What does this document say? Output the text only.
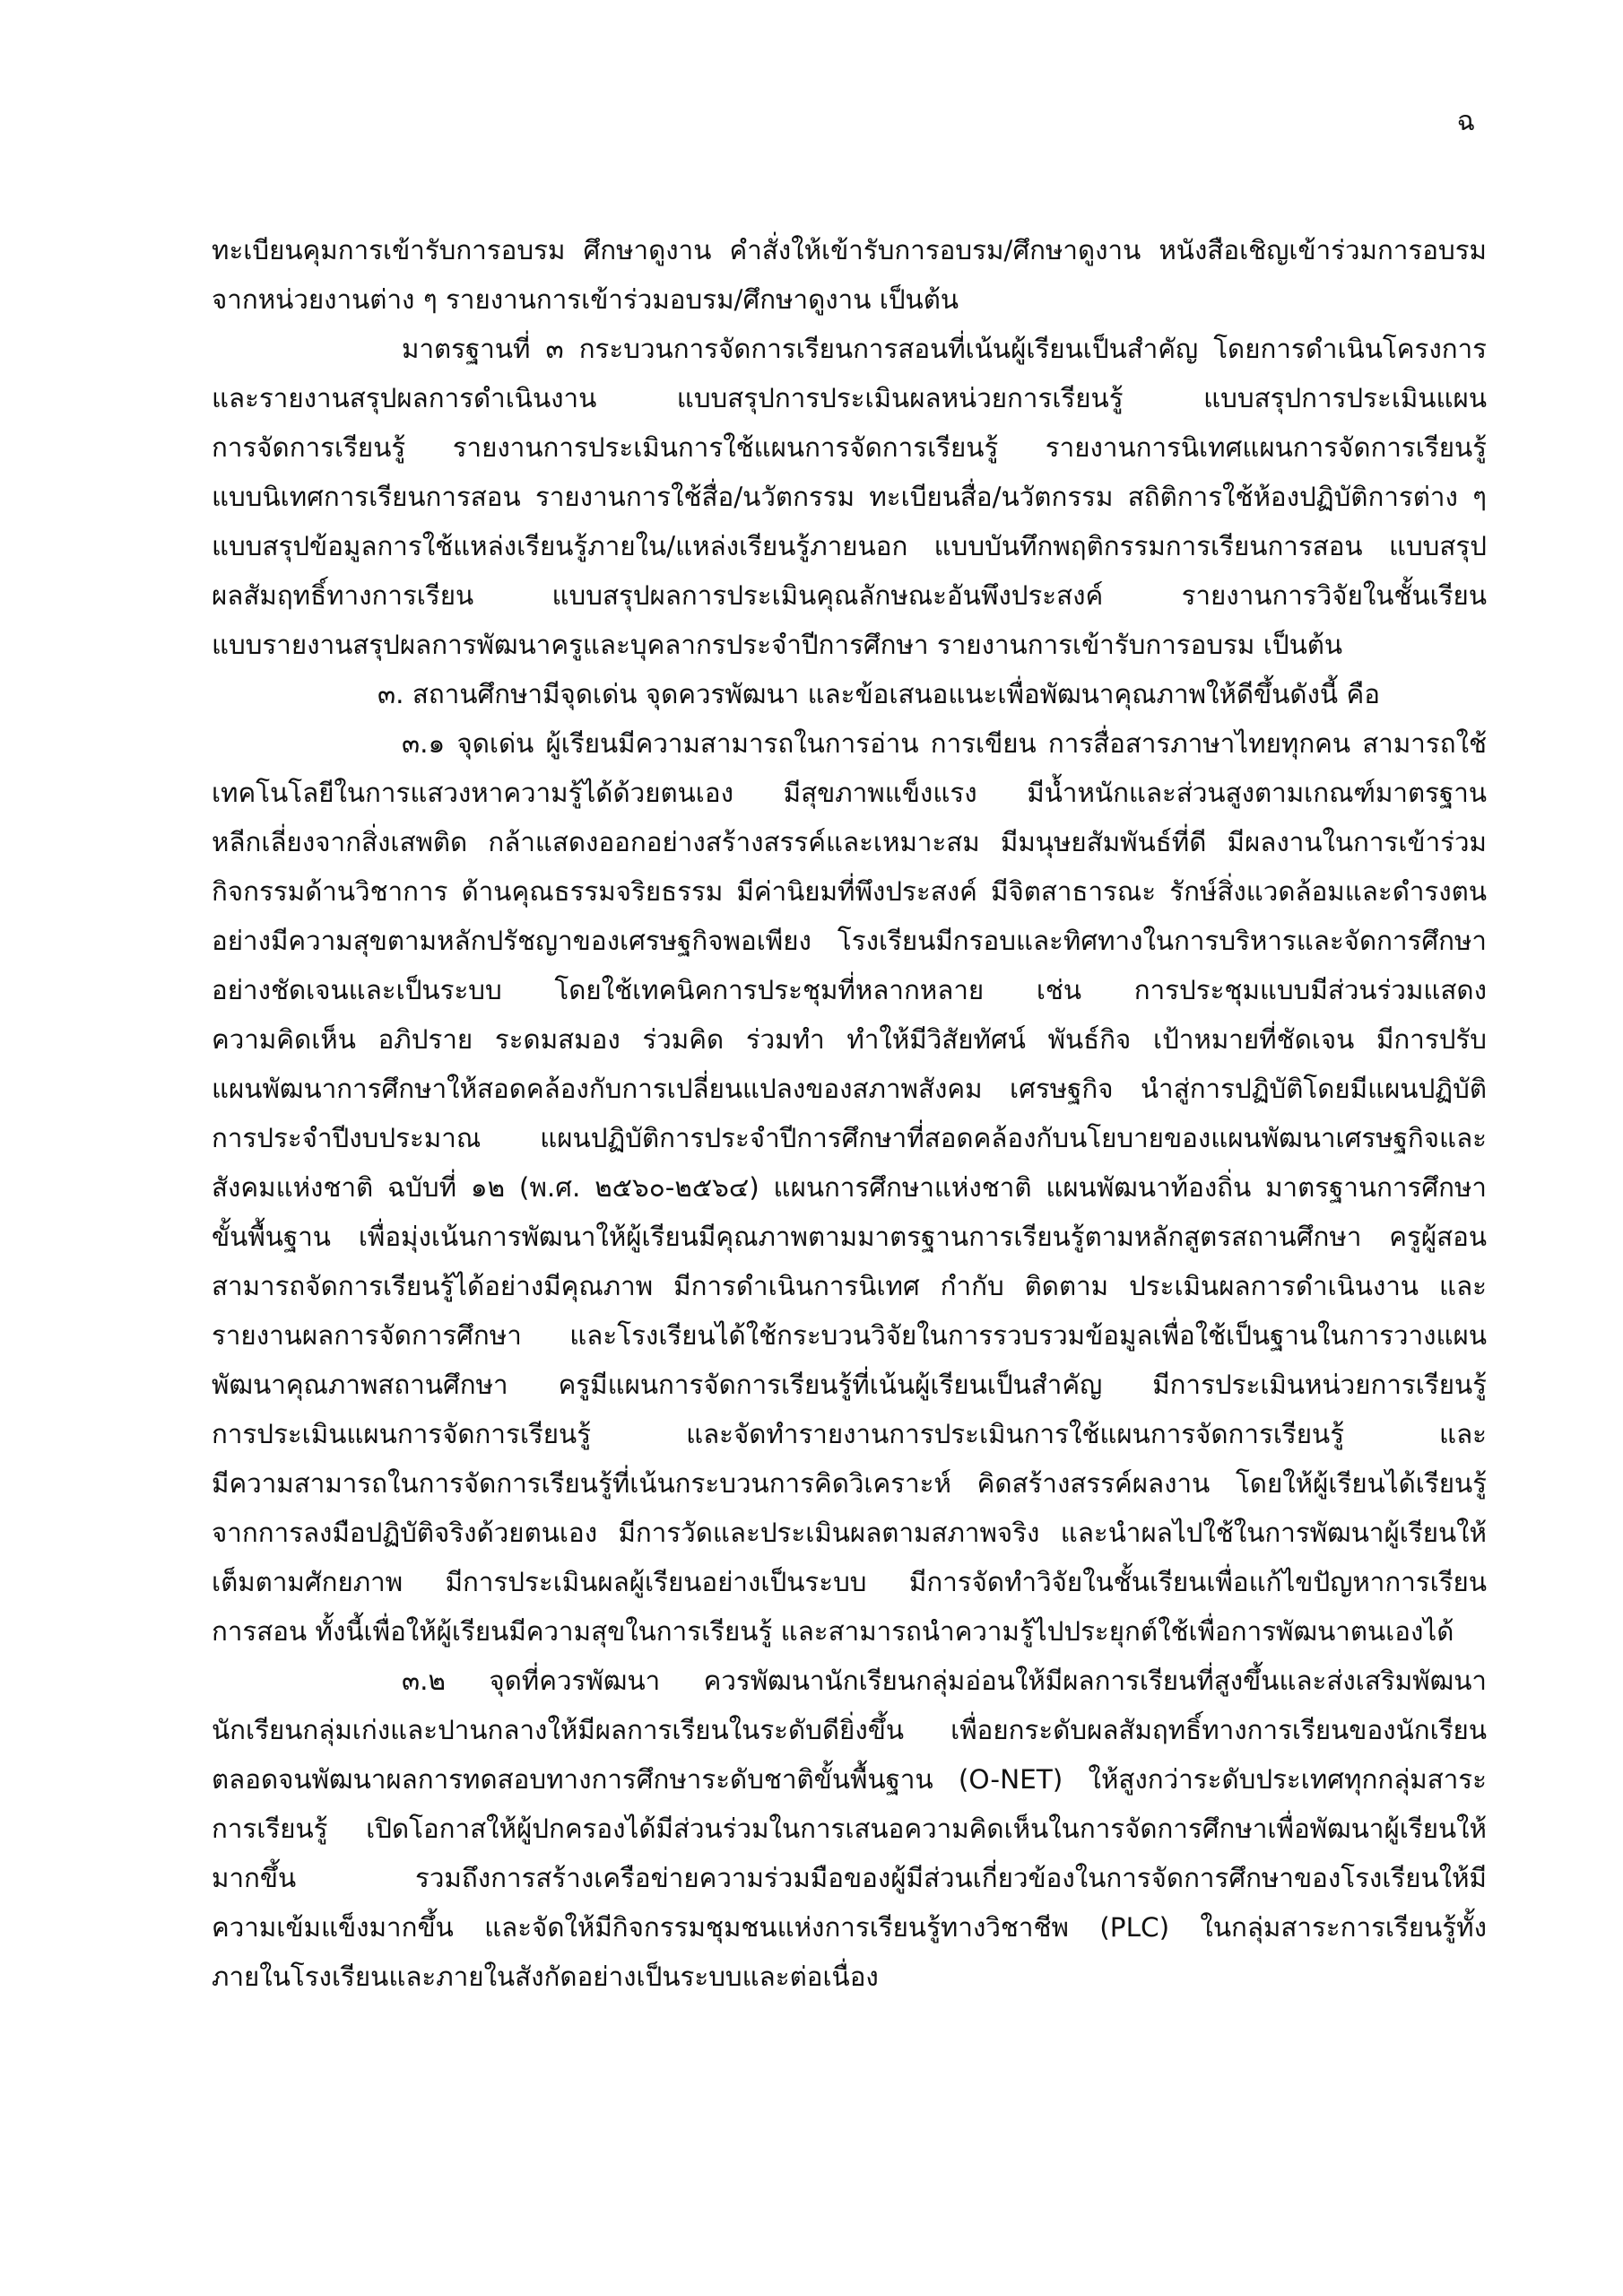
ฉ
ทะเบียนคุมการเข้ารับการอบรม ศึกษาดูงาน คำสั่งให้เข้ารับการอบรม/ศึกษาดูงาน หนังสือเชิญเข้าร่วมการอบรม
จากหน่วยงานต่าง ๆ รายงานการเข้าร่วมอบรม/ศึกษาดูงาน เป็นต้น
มาตรฐานที่ ๓ กระบวนการจัดการเรียนการสอนที่เน้นผู้เรียนเป็นสำคัญ โดยการดำเนินโครงการ
และรายงานสรุปผลการดำเนินงาน แบบสรุปการประเมินผลหน่วยการเรียนรู้ แบบสรุปการประเมินแผน
การจัดการเรียนรู้ รายงานการประเมินการใช้แผนการจัดการเรียนรู้ รายงานการนิเทศแผนการจัดการเรียนรู้
แบบนิเทศการเรียนการสอน รายงานการใช้สื่อ/นวัตกรรม ทะเบียนสื่อ/นวัตกรรม สถิติการใช้ห้องปฏิบัติการต่าง ๆ
แบบสรุปข้อมูลการใช้แหล่งเรียนรู้ภายใน/แหล่งเรียนรู้ภายนอก แบบบันทึกพฤติกรรมการเรียนการสอน แบบสรุป
ผลสัมฤทธิ์ทางการเรียน แบบสรุปผลการประเมินคุณลักษณะอันพึงประสงค์ รายงานการวิจัยในชั้นเรียน
แบบรายงานสรุปผลการพัฒนาครูและบุคลากรประจำปีการศึกษา รายงานการเข้ารับการอบรม เป็นต้น
๓. สถานศึกษามีจุดเด่น จุดควรพัฒนา และข้อเสนอแนะเพื่อพัฒนาคุณภาพให้ดีขึ้นดังนี้ คือ
๓.๑ จุดเด่น ผู้เรียนมีความสามารถในการอ่าน การเขียน การสื่อสารภาษาไทยทุกคน สามารถใช้
เทคโนโลยีในการแสวงหาความรู้ได้ด้วยตนเอง มีสุขภาพแข็งแรง มีน้ำหนักและส่วนสูงตามเกณฑ์มาตรฐาน
หลีกเลี่ยงจากสิ่งเสพติด กล้าแสดงออกอย่างสร้างสรรค์และเหมาะสม มีมนุษยสัมพันธ์ที่ดี มีผลงานในการเข้าร่วม
กิจกรรมด้านวิชาการ ด้านคุณธรรมจริยธรรม มีค่านิยมที่พึงประสงค์ มีจิตสาธารณะ รักษ์สิ่งแวดล้อมและดำรงตน
อย่างมีความสุขตามหลักปรัชญาของเศรษฐกิจพอเพียง โรงเรียนมีกรอบและทิศทางในการบริหารและจัดการศึกษา
อย่างชัดเจนและเป็นระบบ โดยใช้เทคนิคการประชุมที่หลากหลาย เช่น การประชุมแบบมีส่วนร่วมแสดง
ความคิดเห็น อภิปราย ระดมสมอง ร่วมคิด ร่วมทำ ทำให้มีวิสัยทัศน์ พันธ์กิจ เป้าหมายที่ชัดเจน มีการปรับ
แผนพัฒนาการศึกษาให้สอดคล้องกับการเปลี่ยนแปลงของสภาพสังคม เศรษฐกิจ นำสู่การปฏิบัติโดยมีแผนปฏิบัติ
การประจำปีงบประมาณ แผนปฏิบัติการประจำปีการศึกษาที่สอดคล้องกับนโยบายของแผนพัฒนาเศรษฐกิจและ
สังคมแห่งชาติ ฉบับที่ ๑๒ (พ.ศ. ๒๕๖๐-๒๕๖๔) แผนการศึกษาแห่งชาติ แผนพัฒนาท้องถิ่น มาตรฐานการศึกษา
ขั้นพื้นฐาน เพื่อมุ่งเน้นการพัฒนาให้ผู้เรียนมีคุณภาพตามมาตรฐานการเรียนรู้ตามหลักสูตรสถานศึกษา ครูผู้สอน
สามารถจัดการเรียนรู้ได้อย่างมีคุณภาพ มีการดำเนินการนิเทศ กำกับ ติดตาม ประเมินผลการดำเนินงาน และ
รายงานผลการจัดการศึกษา และโรงเรียนได้ใช้กระบวนวิจัยในการรวบรวมข้อมูลเพื่อใช้เป็นฐานในการวางแผน
พัฒนาคุณภาพสถานศึกษา ครูมีแผนการจัดการเรียนรู้ที่เน้นผู้เรียนเป็นสำคัญ มีการประเมินหน่วยการเรียนรู้
การประเมินแผนการจัดการเรียนรู้ และจัดทำรายงานการประเมินการใช้แผนการจัดการเรียนรู้ และ
มีความสามารถในการจัดการเรียนรู้ที่เน้นกระบวนการคิดวิเคราะห์ คิดสร้างสรรค์ผลงาน โดยให้ผู้เรียนได้เรียนรู้
จากการลงมือปฏิบัติจริงด้วยตนเอง มีการวัดและประเมินผลตามสภาพจริง และนำผลไปใช้ในการพัฒนาผู้เรียนให้
เต็มตามศักยภาพ มีการประเมินผลผู้เรียนอย่างเป็นระบบ มีการจัดทำวิจัยในชั้นเรียนเพื่อแก้ไขปัญหาการเรียน
การสอน ทั้งนี้เพื่อให้ผู้เรียนมีความสุขในการเรียนรู้ และสามารถนำความรู้ไปประยุกต์ใช้เพื่อการพัฒนาตนเองได้
๓.๒ จุดที่ควรพัฒนา ควรพัฒนานักเรียนกลุ่มอ่อนให้มีผลการเรียนที่สูงขึ้นและส่งเสริมพัฒนา
นักเรียนกลุ่มเก่งและปานกลางให้มีผลการเรียนในระดับดียิ่งขึ้น เพื่อยกระดับผลสัมฤทธิ์ทางการเรียนของนักเรียน
ตลอดจนพัฒนาผลการทดสอบทางการศึกษาระดับชาติขั้นพื้นฐาน (O-NET) ให้สูงกว่าระดับประเทศทุกกลุ่มสาระ
การเรียนรู้ เปิดโอกาสให้ผู้ปกครองได้มีส่วนร่วมในการเสนอความคิดเห็นในการจัดการศึกษาเพื่อพัฒนาผู้เรียนให้
มากขึ้น รวมถึงการสร้างเครือข่ายความร่วมมือของผู้มีส่วนเกี่ยวข้องในการจัดการศึกษาของโรงเรียนให้มี
ความเข้มแข็งมากขึ้น และจัดให้มีกิจกรรมชุมชนแห่งการเรียนรู้ทางวิชาชีพ (PLC) ในกลุ่มสาระการเรียนรู้ทั้ง
ภายในโรงเรียนและภายในสังกัดอย่างเป็นระบบและต่อเนื่อง
